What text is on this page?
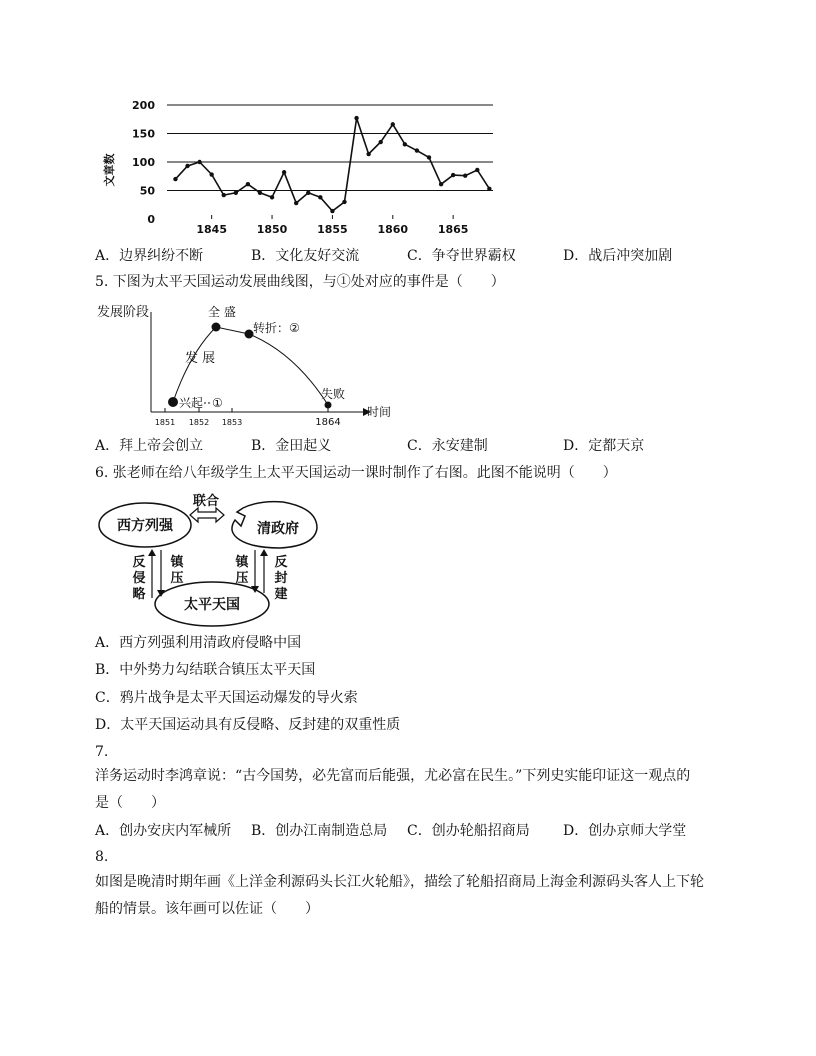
0
50
100
150
200
1845	1850	1855	1860	1865
文章数
A．边界纠纷不断	B．文化友好交流	C．争夺世界霸权	D．战后冲突加剧
5. 下图为太平天国运动发展曲线图，与①处对应的事件是（　　）
发展阶段
时间
1851 1852 1853	1864
兴起 ①
发 展
全 盛
转折：②
失败
A．拜上帝会创立	B．金田起义	C．永安建制	D．定都天京
6. 张老师在给八年级学生上太平天国运动一课时制作了右图。此图不能说明（　　）
西方列强	清政府
联合
太平天国
反
侵
略
镇
压
镇
压
反
封
建
A．西方列强利用清政府侵略中国
B．中外势力勾结联合镇压太平天国
C．鸦片战争是太平天国运动爆发的导火索
D．太平天国运动具有反侵略、反封建的双重性质
7.
洋务运动时李鸿章说：“古今国势，必先富而后能强，尤必富在民生。”下列史实能印证这一观点的
是（　　）
A．创办安庆内军械所 B．创办江南制造总局 C．创办轮船招商局 D．创办京师大学堂
8.
如图是晚清时期年画《上洋金利源码头长江火轮船》，描绘了轮船招商局上海金利源码头客人上下轮
船的情景。该年画可以佐证（　　）
